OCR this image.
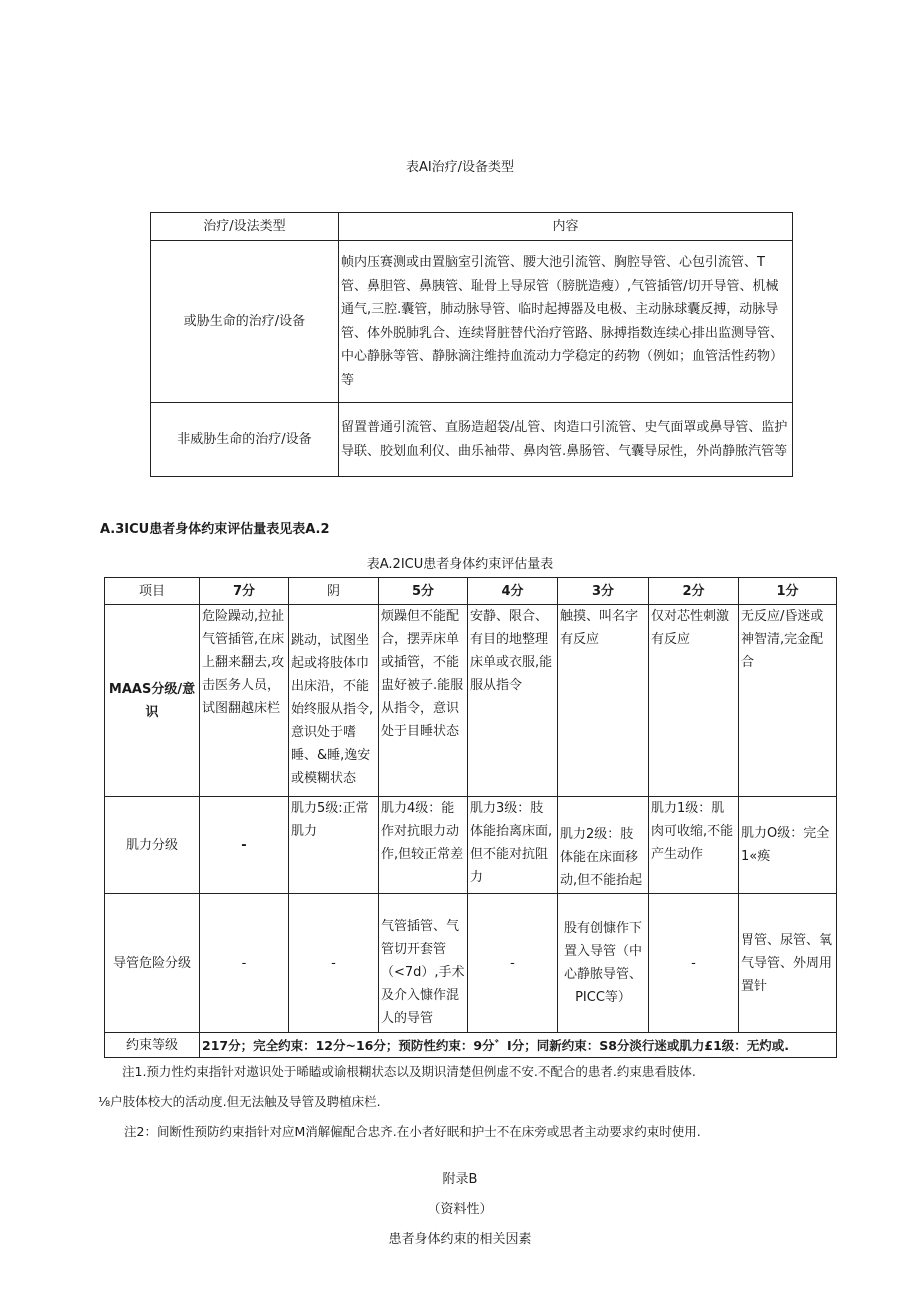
表AI治疗/设备类型
治疗/设法类型	内容
或胁生命的治疗/设备	帧内压赛测或由置脑室引流管、腰大池引流管、胸腔导管、心包引流管、T管、鼻胆管、鼻胰管、耻骨上导尿管（膀胱造瘦）,气管插管/切开导管、机械通气,三腔.囊管，肺动脉导管、临时起搏器及电极、主动脉球囊反搏，动脉导管、体外脱肺乳合、连续肾脏替代治疗管路、脉搏指数连续心排出监测导管、中心静脉等管、静脉滴注维持血流动力学稳定的药物（例如；血管活性药物）等
非威胁生命的治疗/设备	留置普通引流管、直肠造超袋/乩管、肉造口引流管、史气面罩或鼻导管、监护导联、胶划血利仪、曲乐袖带、鼻肉管.鼻肠管、气囊导尿性，外尚静脓汽管等
A.3ICU患者身体约束评估量表见表A.2
表A.2ICU患者身体约束评估量表
项目	7分	阴	5分	4分	3分	2分	1分
MAAS分级/意识	危险躁动,拉扯气管插管,在床上翻来翻去,攻击医务人员，试图翻越床栏	跳动，试图坐起或将肢体巾出床沿，不能始终服从指令,意识处于嗜睡、&睡,逸安或模糊状态	烦躁但不能配合，摆弄床单或插管，不能盅好被子.能服从指令，意识处于目睡状态	安静、限合、有目的地整理床单或衣服,能服从指令	触摸、叫名字有反应	仅对芯性刺激有反应	无反应/昏迷或神智清,完金配合
肌力分级	-	肌力5级:正常肌力	肌力4级：能作对抗眼力动作,但较正常差	肌力3级：肢体能抬离床面,但不能对抗阻力	肌力2级：肢体能在床面移动,但不能抬起	肌力1级：肌肉可收缩,不能产生动作	肌力O级：完全1«痪
导管危险分级	-	-	气管插管、气管切开套管（<7d）,手术及介入慷作混人的导管	-	股有创慷作下置入导管（中心静脓导管、PICC等）	-	胃管、尿管、氧气导管、外周用置针
约束等级	217分；完全约束：12分~16分；预防性约束：9分゛I分；同新约束：S8分淡行迷或肌力£1级：无灼或.						
注1.预力性灼束指针对遨识处于晞瞌或谕根糊状态以及期识清楚但例虚不安.不配合的患者.约束患看肢体.
⅛户肢体校大的活动度.但无法触及导管及聘植床栏.
注2：间断性预防约束指针对应M消解僱配合忠齐.在小者好眠和护士不在床旁或思者主动要求约束时使用.
附录B
（资料性）
患者身体约束的相关因素
